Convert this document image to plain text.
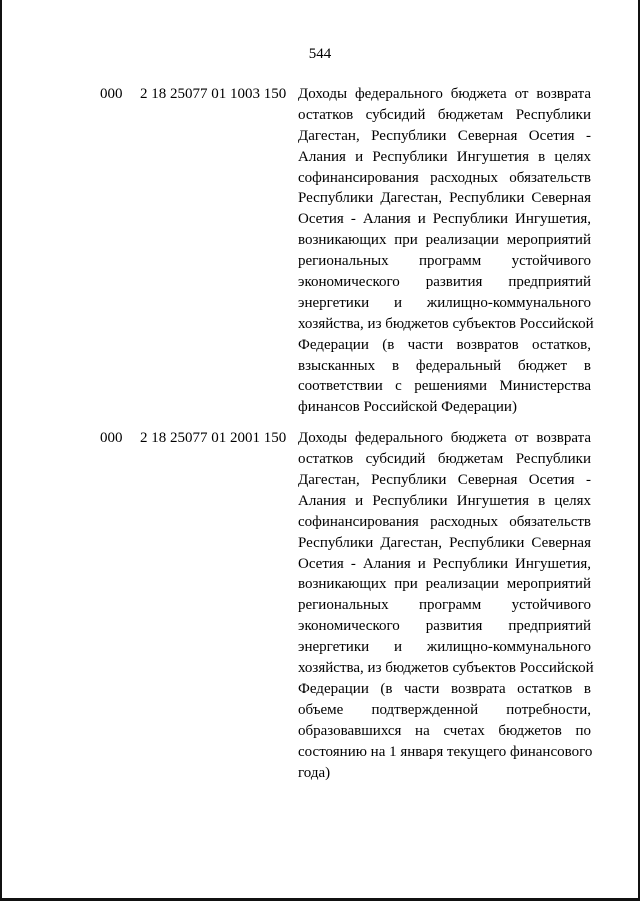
544
000 2 18 25077 01 1003 150 Доходы федерального бюджета от возврата
остатков субсидий бюджетам Республики
Дагестан, Республики Северная Осетия -
Алания и Республики Ингушетия в целях
софинансирования расходных обязательств
Республики Дагестан, Республики Северная
Осетия - Алания и Республики Ингушетия,
возникающих при реализации мероприятий
региональных программ устойчивого
экономического развития предприятий
энергетики и жилищно-коммунального
хозяйства, из бюджетов субъектов Российской
Федерации (в части возвратов остатков,
взысканных в федеральный бюджет в
соответствии с решениями Министерства
финансов Российской Федерации)
000 2 18 25077 01 2001 150 Доходы федерального бюджета от возврата
остатков субсидий бюджетам Республики
Дагестан, Республики Северная Осетия -
Алания и Республики Ингушетия в целях
софинансирования расходных обязательств
Республики Дагестан, Республики Северная
Осетия - Алания и Республики Ингушетия,
возникающих при реализации мероприятий
региональных программ устойчивого
экономического развития предприятий
энергетики и жилищно-коммунального
хозяйства, из бюджетов субъектов Российской
Федерации (в части возврата остатков в
объеме подтвержденной потребности,
образовавшихся на счетах бюджетов по
состоянию на 1 января текущего финансового
года)
